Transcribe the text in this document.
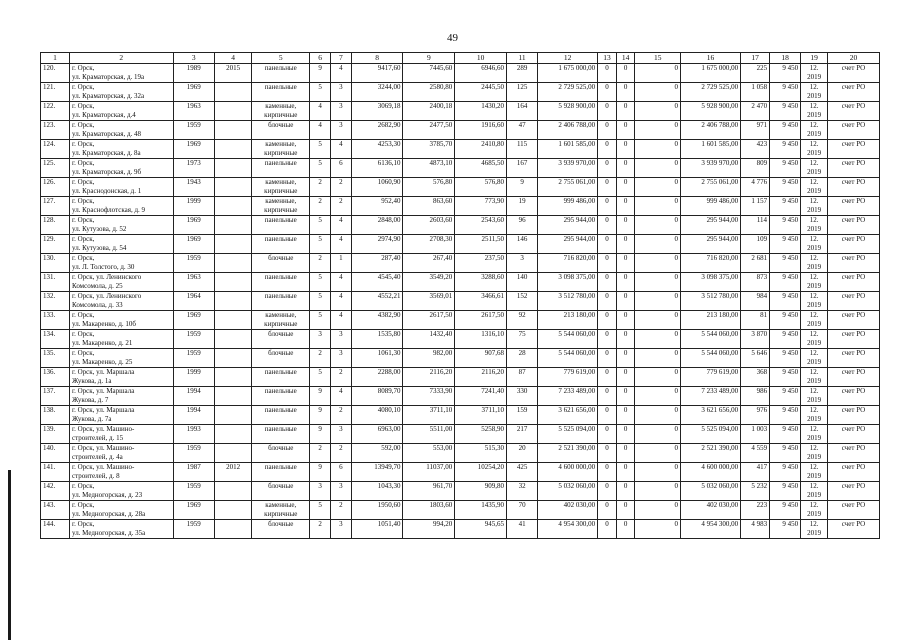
49
1	2	3	4	5	6	7	8	9	10	11	12	13	14	15	16	17	18	19	20
120.	г. Орск,
ул. Краматорская, д. 19а	1989	2015	панельные	9	4	9417,60	7445,60	6946,60	289	1 675 000,00	0	0	0	1 675 000,00	225	9 450	12.
2019	счет РО
121.	г. Орск,
ул. Краматорская, д. 32а	1969		панельные	5	3	3244,00	2580,80	2445,50	125	2 729 525,00	0	0	0	2 729 525,00	1 058	9 450	12.
2019	счет РО
122.	г. Орск,
ул. Краматорская, д.4	1963		каменные,
кирпичные	4	3	3069,18	2400,18	1430,20	164	5 928 900,00	0	0	0	5 928 900,00	2 470	9 450	12.
2019	счет РО
123.	г. Орск,
ул. Краматорская, д. 48	1959		блочные	4	3	2682,90	2477,50	1916,60	47	2 406 788,00	0	0	0	2 406 788,00	971	9 450	12.
2019	счет РО
124.	г. Орск,
ул. Краматорская, д. 8а	1969		каменные,
кирпичные	5	4	4253,30	3785,70	2410,80	115	1 601 585,00	0	0	0	1 601 585,00	423	9 450	12.
2019	счет РО
125.	г. Орск,
ул. Краматорская, д. 9б	1973		панельные	5	6	6136,10	4873,10	4685,50	167	3 939 970,00	0	0	0	3 939 970,00	809	9 450	12.
2019	счет РО
126.	г. Орск,
ул. Краснодонская, д. 1	1943		каменные,
кирпичные	2	2	1060,90	576,80	576,80	9	2 755 061,00	0	0	0	2 755 061,00	4 776	9 450	12.
2019	счет РО
127.	г. Орск,
ул. Краснофлотская, д. 9	1999		каменные,
кирпичные	2	2	952,40	863,60	773,90	19	999 486,00	0	0	0	999 486,00	1 157	9 450	12.
2019	счет РО
128.	г. Орск,
ул. Кутузова, д. 52	1969		панельные	5	4	2848,00	2603,60	2543,60	96	295 944,00	0	0	0	295 944,00	114	9 450	12.
2019	счет РО
129.	г. Орск,
ул. Кутузова, д. 54	1969		панельные	5	4	2974,90	2708,30	2511,50	146	295 944,00	0	0	0	295 944,00	109	9 450	12.
2019	счет РО
130.	г. Орск,
ул. Л. Толстого, д. 30	1959		блочные	2	1	287,40	267,40	237,50	3	716 820,00	0	0	0	716 820,00	2 681	9 450	12.
2019	счет РО
131.	г. Орск, ул. Ленинского
Комсомола, д. 25	1963		панельные	5	4	4545,40	3549,20	3288,60	140	3 098 375,00	0	0	0	3 098 375,00	873	9 450	12.
2019	счет РО
132.	г. Орск, ул. Ленинского
Комсомола, д. 33	1964		панельные	5	4	4552,21	3569,01	3466,61	152	3 512 780,00	0	0	0	3 512 780,00	984	9 450	12.
2019	счет РО
133.	г. Орск,
ул. Макаренко, д. 10б	1969		каменные,
кирпичные	5	4	4382,90	2617,50	2617,50	92	213 180,00	0	0	0	213 180,00	81	9 450	12.
2019	счет РО
134.	г. Орск,
ул. Макаренко, д. 21	1959		блочные	3	3	1535,80	1432,40	1316,10	75	5 544 060,00	0	0	0	5 544 060,00	3 870	9 450	12.
2019	счет РО
135.	г. Орск,
ул. Макаренко, д. 25	1959		блочные	2	3	1061,30	982,00	907,68	28	5 544 060,00	0	0	0	5 544 060,00	5 646	9 450	12.
2019	счет РО
136.	г. Орск, ул. Маршала
Жукова, д. 1а	1999		панельные	5	2	2288,00	2116,20	2116,20	87	779 619,00	0	0	0	779 619,00	368	9 450	12.
2019	счет РО
137.	г. Орск, ул. Маршала
Жукова, д. 7	1994		панельные	9	4	8089,70	7333,90	7241,40	330	7 233 489,00	0	0	0	7 233 489,00	986	9 450	12.
2019	счет РО
138.	г. Орск, ул. Маршала
Жукова, д. 7а	1994		панельные	9	2	4080,10	3711,10	3711,10	159	3 621 656,00	0	0	0	3 621 656,00	976	9 450	12.
2019	счет РО
139.	г. Орск, ул. Машино-
строителей, д. 15	1993		панельные	9	3	6963,00	5511,00	5258,90	217	5 525 094,00	0	0	0	5 525 094,00	1 003	9 450	12.
2019	счет РО
140.	г. Орск, ул. Машино-
строителей, д. 4а	1959		блочные	2	2	592,00	553,00	515,30	20	2 521 390,00	0	0	0	2 521 390,00	4 559	9 450	12.
2019	счет РО
141.	г. Орск, ул. Машино-
строителей, д. 8	1987	2012	панельные	9	6	13949,70	11037,00	10254,20	425	4 600 000,00	0	0	0	4 600 000,00	417	9 450	12.
2019	счет РО
142.	г. Орск,
ул. Медногорская, д. 23	1959		блочные	3	3	1043,30	961,70	909,80	32	5 032 060,00	0	0	0	5 032 060,00	5 232	9 450	12.
2019	счет РО
143.	г. Орск,
ул. Медногорская, д. 28а	1969		каменные,
кирпичные	5	2	1950,60	1803,60	1435,90	70	402 030,00	0	0	0	402 030,00	223	9 450	12.
2019	счет РО
144.	г. Орск,
ул. Медногорская, д. 35а	1959		блочные	2	3	1051,40	994,20	945,65	41	4 954 300,00	0	0	0	4 954 300,00	4 983	9 450	12.
2019	счет РО
